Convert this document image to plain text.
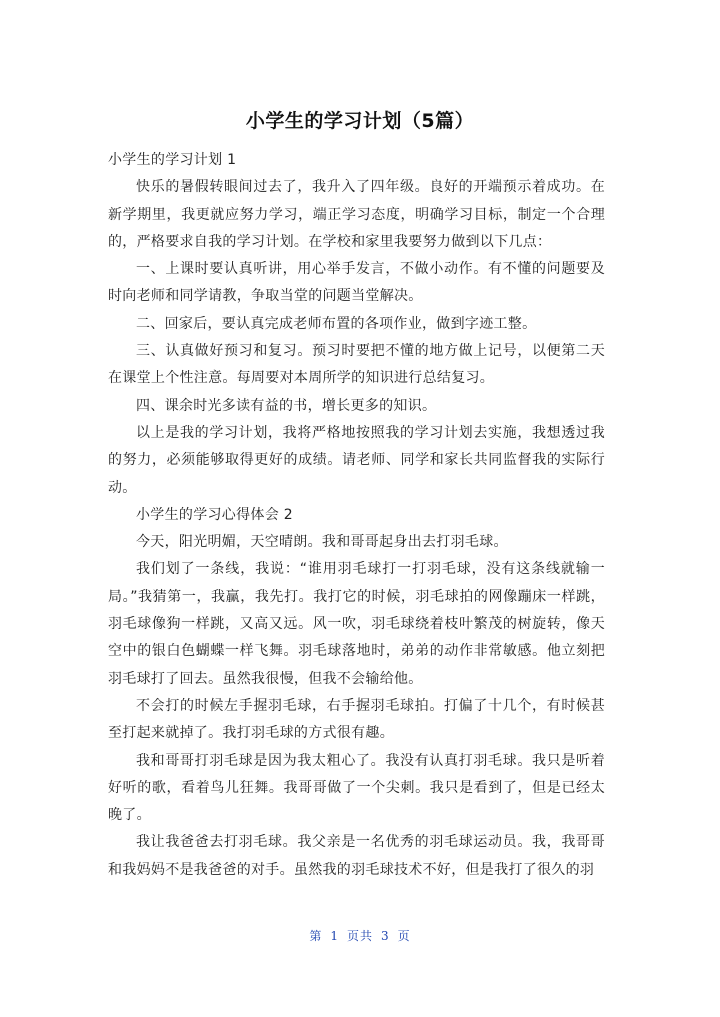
小学生的学习计划（5篇）

小学生的学习计划 1

快乐的暑假转眼间过去了，我升入了四年级。良好的开端预示着成功。在新学期里，我更就应努力学习，端正学习态度，明确学习目标，制定一个合理的，严格要求自我的学习计划。在学校和家里我要努力做到以下几点：

一、上课时要认真听讲，用心举手发言，不做小动作。有不懂的问题要及时向老师和同学请教，争取当堂的问题当堂解决。

二、回家后，要认真完成老师布置的各项作业，做到字迹工整。

三、认真做好预习和复习。预习时要把不懂的地方做上记号，以便第二天在课堂上个性注意。每周要对本周所学的知识进行总结复习。

四、课余时光多读有益的书，增长更多的知识。

以上是我的学习计划，我将严格地按照我的学习计划去实施，我想透过我的努力，必须能够取得更好的成绩。请老师、同学和家长共同监督我的实际行动。

小学生的学习心得体会 2

今天，阳光明媚，天空晴朗。我和哥哥起身出去打羽毛球。

我们划了一条线，我说：“谁用羽毛球打一打羽毛球，没有这条线就输一局。”我猜第一，我赢，我先打。我打它的时候，羽毛球拍的网像蹦床一样跳，羽毛球像狗一样跳，又高又远。风一吹，羽毛球绕着枝叶繁茂的树旋转，像天空中的银白色蝴蝶一样飞舞。羽毛球落地时，弟弟的动作非常敏感。他立刻把羽毛球打了回去。虽然我很慢，但我不会输给他。

不会打的时候左手握羽毛球，右手握羽毛球拍。打偏了十几个，有时候甚至打起来就掉了。我打羽毛球的方式很有趣。

我和哥哥打羽毛球是因为我太粗心了。我没有认真打羽毛球。我只是听着好听的歌，看着鸟儿狂舞。我哥哥做了一个尖刺。我只是看到了，但是已经太晚了。

我让我爸爸去打羽毛球。我父亲是一名优秀的羽毛球运动员。我，我哥哥和我妈妈不是我爸爸的对手。虽然我的羽毛球技术不好，但是我打了很久的羽

第 1 页共 3 页
